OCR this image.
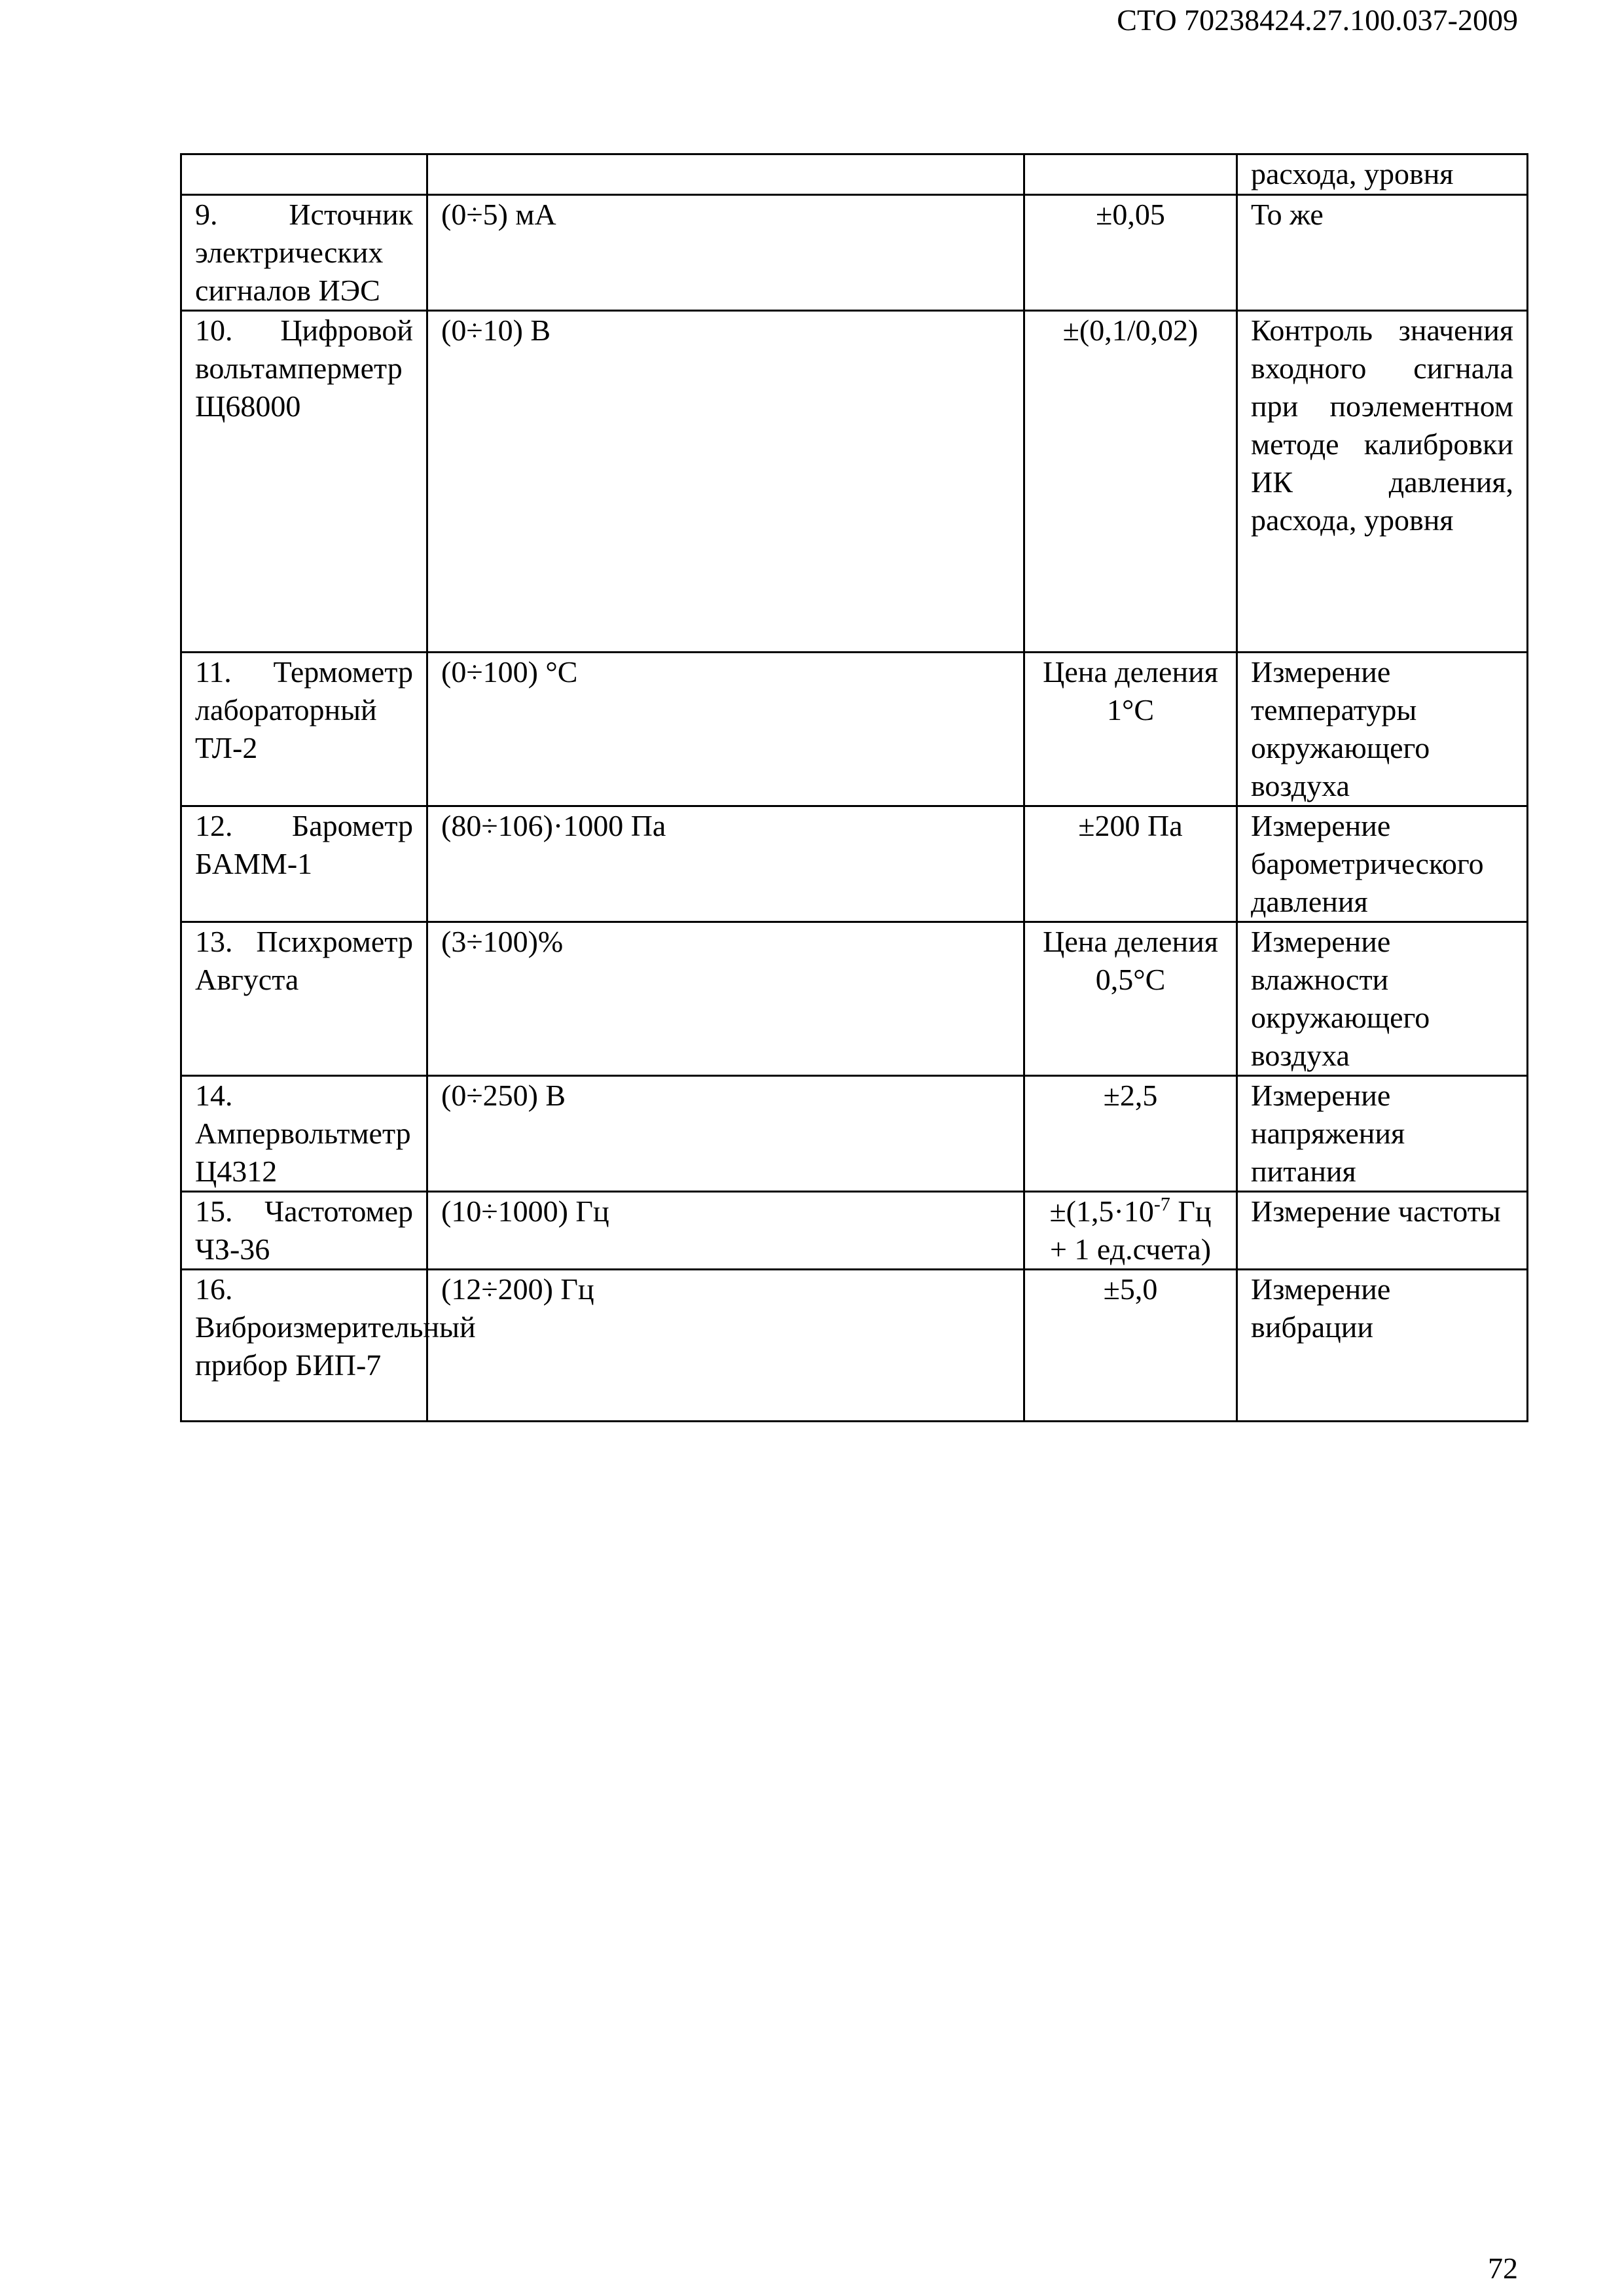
СТО 70238424.27.100.037-2009

			расхода, уровня

9. Источник электрических сигналов ИЭС	(0÷5) мА	±0,05	То же

10. Цифровой вольтамперметр Щ68000	(0÷10) В	±(0,1/0,02)	Контроль значения входного сигнала при поэлементном методе калибровки ИК давления, расхода, уровня

11. Термометр лабораторный ТЛ-2	(0÷100) °С	Цена деления 1°С	Измерение температуры окружающего воздуха

12. Барометр БАММ-1	(80÷106)·1000 Па	±200 Па	Измерение барометрического давления

13. Психрометр Августа	(3÷100)%	Цена деления 0,5°С	Измерение влажности окружающего воздуха

14. Ампервольтметр Ц4312	(0÷250) В	±2,5	Измерение напряжения питания

15. Частотомер ЧЗ-36	(10÷1000) Гц	$\pm(1,5\cdot 10^{-7}$ Гц + 1 ед.счета)	Измерение частоты

16. Виброизмерительный прибор БИП-7	(12÷200) Гц	±5,0	Измерение вибрации
72
